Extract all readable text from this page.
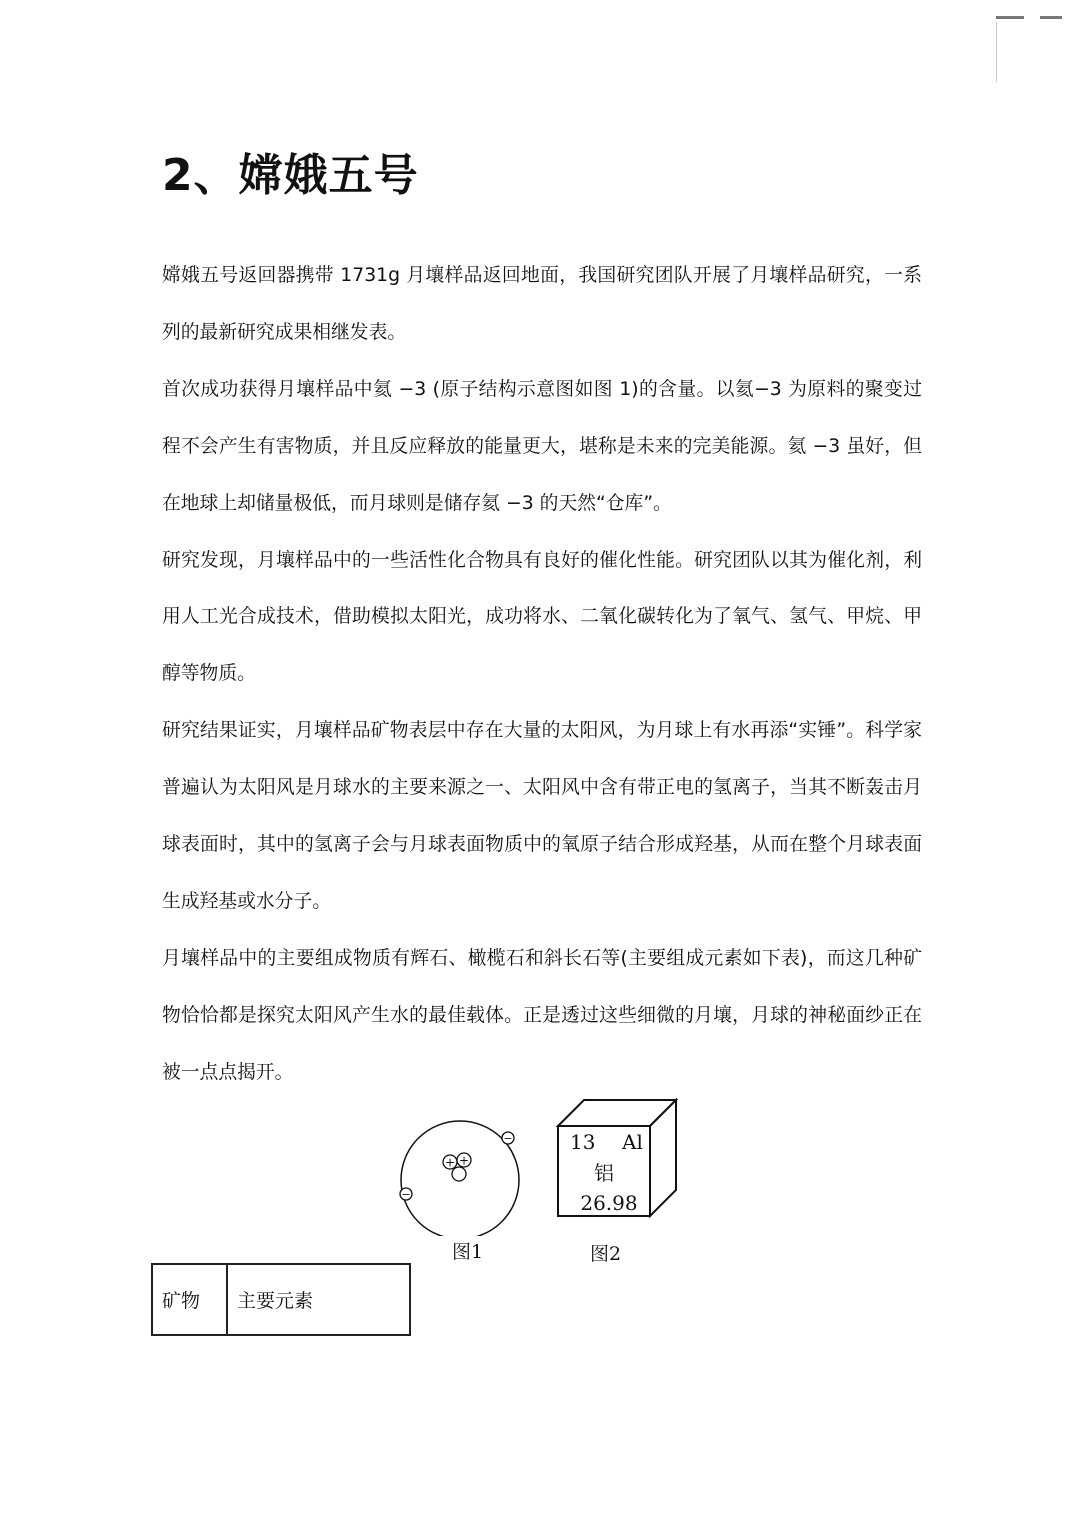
2、嫦娥五号

嫦娥五号返回器携带 1731g 月壤样品返回地面，我国研究团队开展了月壤样品研究，一系列的最新研究成果相继发表。

首次成功获得月壤样品中氦 −3 (原子结构示意图如图 1)的含量。以氦−3 为原料的聚变过程不会产生有害物质，并且反应释放的能量更大，堪称是未来的完美能源。氦 −3 虽好，但在地球上却储量极低，而月球则是储存氦 −3 的天然“仓库”。

研究发现，月壤样品中的一些活性化合物具有良好的催化性能。研究团队以其为催化剂，利用人工光合成技术，借助模拟太阳光，成功将水、二氧化碳转化为了氧气、氢气、甲烷、甲醇等物质。

研究结果证实，月壤样品矿物表层中存在大量的太阳风，为月球上有水再添“实锤”。科学家普遍认为太阳风是月球水的主要来源之一、太阳风中含有带正电的氢离子，当其不断轰击月球表面时，其中的氢离子会与月球表面物质中的氧原子结合形成羟基，从而在整个月球表面生成羟基或水分子。

月壤样品中的主要组成物质有辉石、橄榄石和斜长石等(主要组成元素如下表)，而这几种矿物恰恰都是探究太阳风产生水的最佳载体。正是透过这些细微的月壤，月球的神秘面纱正在被一点点揭开。

+ +
−
−
图1
13 Al
铝
26.98
图2
矿物	主要元素
